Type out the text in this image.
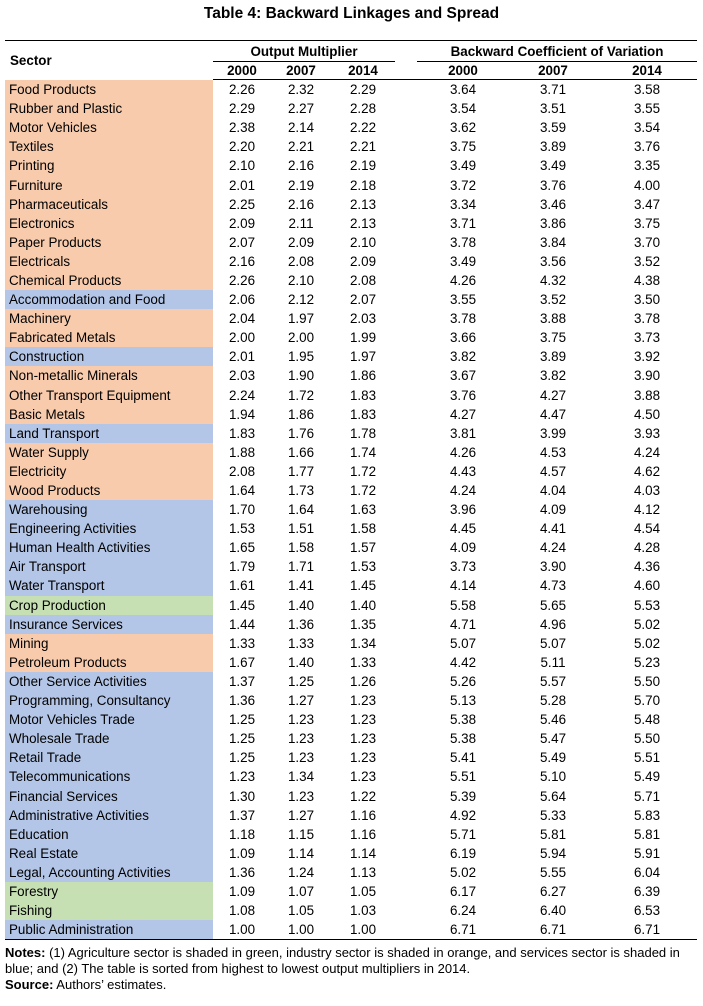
Table 4: Backward Linkages and Spread
Sector	Output Multiplier				Backward Coefficient of Variation		
	2000	2007	2014		2000	2007	2014
Food Products	2.26	2.32	2.29		3.64	3.71	3.58
Rubber and Plastic	2.29	2.27	2.28		3.54	3.51	3.55
Motor Vehicles	2.38	2.14	2.22		3.62	3.59	3.54
Textiles	2.20	2.21	2.21		3.75	3.89	3.76
Printing	2.10	2.16	2.19		3.49	3.49	3.35
Furniture	2.01	2.19	2.18		3.72	3.76	4.00
Pharmaceuticals	2.25	2.16	2.13		3.34	3.46	3.47
Electronics	2.09	2.11	2.13		3.71	3.86	3.75
Paper Products	2.07	2.09	2.10		3.78	3.84	3.70
Electricals	2.16	2.08	2.09		3.49	3.56	3.52
Chemical Products	2.26	2.10	2.08		4.26	4.32	4.38
Accommodation and Food	2.06	2.12	2.07		3.55	3.52	3.50
Machinery	2.04	1.97	2.03		3.78	3.88	3.78
Fabricated Metals	2.00	2.00	1.99		3.66	3.75	3.73
Construction	2.01	1.95	1.97		3.82	3.89	3.92
Non-metallic Minerals	2.03	1.90	1.86		3.67	3.82	3.90
Other Transport Equipment	2.24	1.72	1.83		3.76	4.27	3.88
Basic Metals	1.94	1.86	1.83		4.27	4.47	4.50
Land Transport	1.83	1.76	1.78		3.81	3.99	3.93
Water Supply	1.88	1.66	1.74		4.26	4.53	4.24
Electricity	2.08	1.77	1.72		4.43	4.57	4.62
Wood Products	1.64	1.73	1.72		4.24	4.04	4.03
Warehousing	1.70	1.64	1.63		3.96	4.09	4.12
Engineering Activities	1.53	1.51	1.58		4.45	4.41	4.54
Human Health Activities	1.65	1.58	1.57		4.09	4.24	4.28
Air Transport	1.79	1.71	1.53		3.73	3.90	4.36
Water Transport	1.61	1.41	1.45		4.14	4.73	4.60
Crop Production	1.45	1.40	1.40		5.58	5.65	5.53
Insurance Services	1.44	1.36	1.35		4.71	4.96	5.02
Mining	1.33	1.33	1.34		5.07	5.07	5.02
Petroleum Products	1.67	1.40	1.33		4.42	5.11	5.23
Other Service Activities	1.37	1.25	1.26		5.26	5.57	5.50
Programming, Consultancy	1.36	1.27	1.23		5.13	5.28	5.70
Motor Vehicles Trade	1.25	1.23	1.23		5.38	5.46	5.48
Wholesale Trade	1.25	1.23	1.23		5.38	5.47	5.50
Retail Trade	1.25	1.23	1.23		5.41	5.49	5.51
Telecommunications	1.23	1.34	1.23		5.51	5.10	5.49
Financial Services	1.30	1.23	1.22		5.39	5.64	5.71
Administrative Activities	1.37	1.27	1.16		4.92	5.33	5.83
Education	1.18	1.15	1.16		5.71	5.81	5.81
Real Estate	1.09	1.14	1.14		6.19	5.94	5.91
Legal, Accounting Activities	1.36	1.24	1.13		5.02	5.55	6.04
Forestry	1.09	1.07	1.05		6.17	6.27	6.39
Fishing	1.08	1.05	1.03		6.24	6.40	6.53
Public Administration	1.00	1.00	1.00		6.71	6.71	6.71
Notes: (1) Agriculture sector is shaded in green, industry sector is shaded in orange, and services sector is shaded in blue; and (2) The table is sorted from highest to lowest output multipliers in 2014.
Source: Authors’ estimates.
